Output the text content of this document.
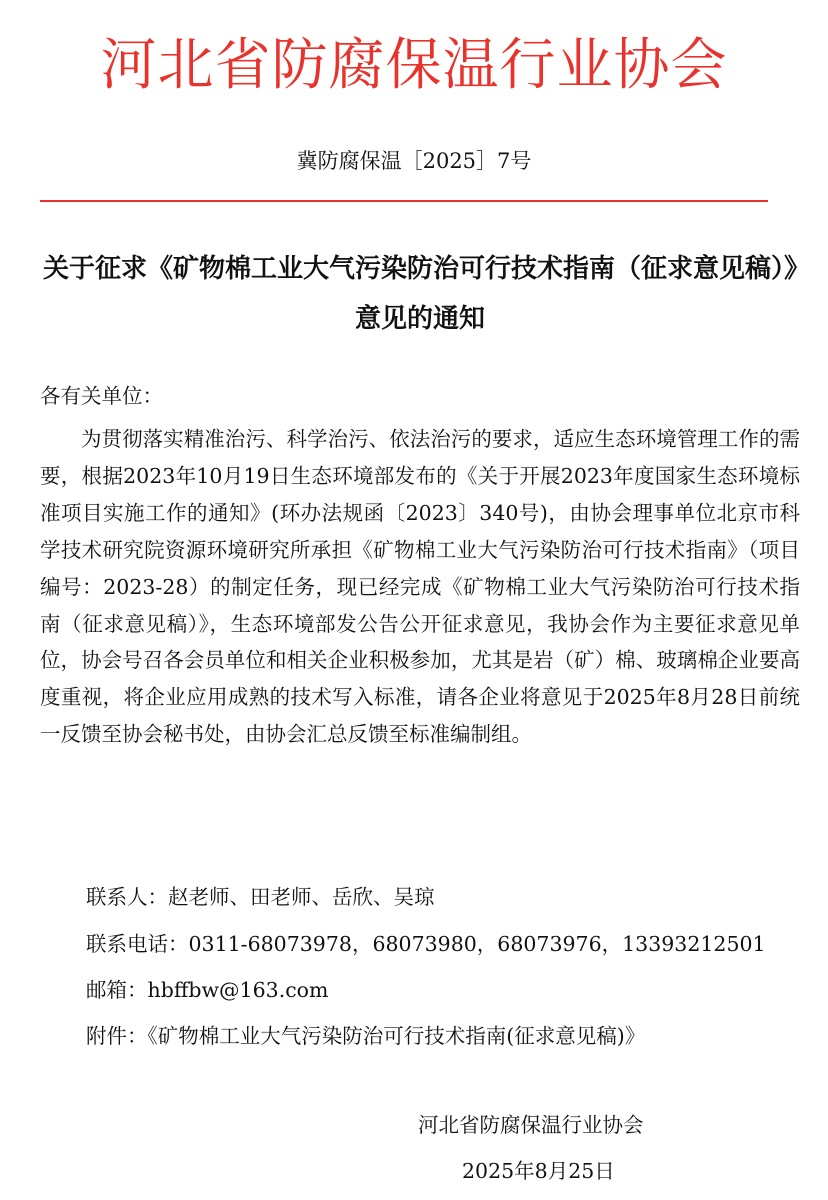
河北省防腐保温行业协会
冀防腐保温［2025］7号
关于征求《矿物棉工业大气污染防治可行技术指南（征求意见稿）》意见的通知
各有关单位：
为贯彻落实精准治污、科学治污、依法治污的要求，适应生态环境管理工作的需要，根据2023年10月19日生态环境部发布的《关于开展2023年度国家生态环境标准项目实施工作的通知》(环办法规函〔2023〕340号)，由协会理事单位北京市科学技术研究院资源环境研究所承担《矿物棉工业大气污染防治可行技术指南》（项目编号：2023-28）的制定任务，现已经完成《矿物棉工业大气污染防治可行技术指南（征求意见稿）》，生态环境部发公告公开征求意见，我协会作为主要征求意见单位，协会号召各会员单位和相关企业积极参加，尤其是岩（矿）棉、玻璃棉企业要高度重视，将企业应用成熟的技术写入标准，请各企业将意见于2025年8月28日前统一反馈至协会秘书处，由协会汇总反馈至标准编制组。
联系人：赵老师、田老师、岳欣、吴琼
联系电话：0311-68073978，68073980，68073976，13393212501
邮箱：hbffbw@163.com
附件：《矿物棉工业大气污染防治可行技术指南(征求意见稿)》
河北省防腐保温行业协会
2025年8月25日
